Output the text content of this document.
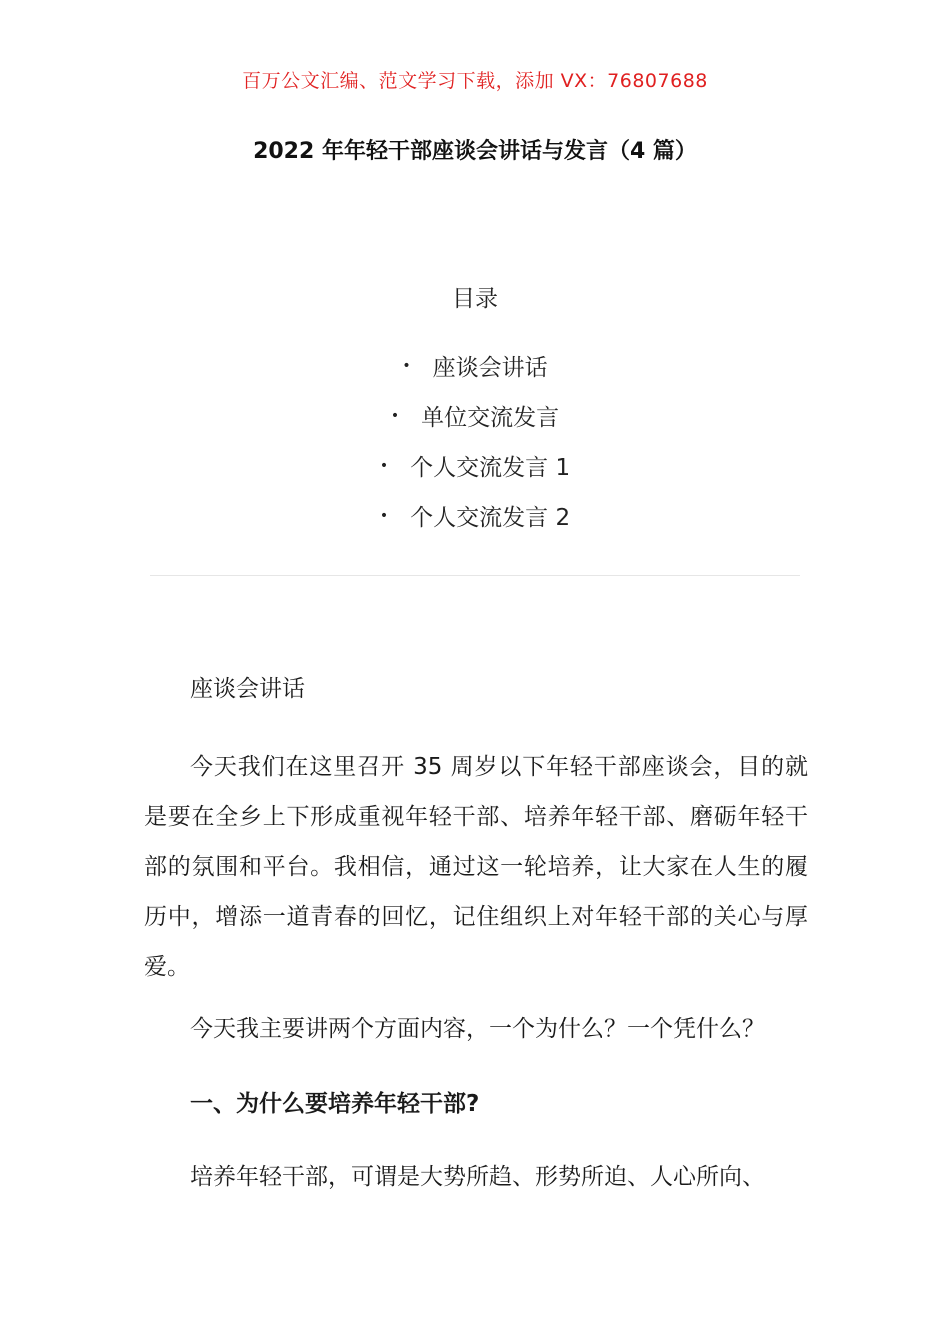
百万公文汇编、范文学习下载，添加 VX：76807688
2022 年年轻干部座谈会讲话与发言（4 篇）
目录
• 座谈会讲话
• 单位交流发言
• 个人交流发言 1
• 个人交流发言 2
座谈会讲话
今天我们在这里召开 35 周岁以下年轻干部座谈会，目的就是要在全乡上下形成重视年轻干部、培养年轻干部、磨砺年轻干部的氛围和平台。我相信，通过这一轮培养，让大家在人生的履历中，增添一道青春的回忆，记住组织上对年轻干部的关心与厚爱。
今天我主要讲两个方面内容，一个为什么？一个凭什么？
一、为什么要培养年轻干部?
培养年轻干部，可谓是大势所趋、形势所迫、人心所向、
